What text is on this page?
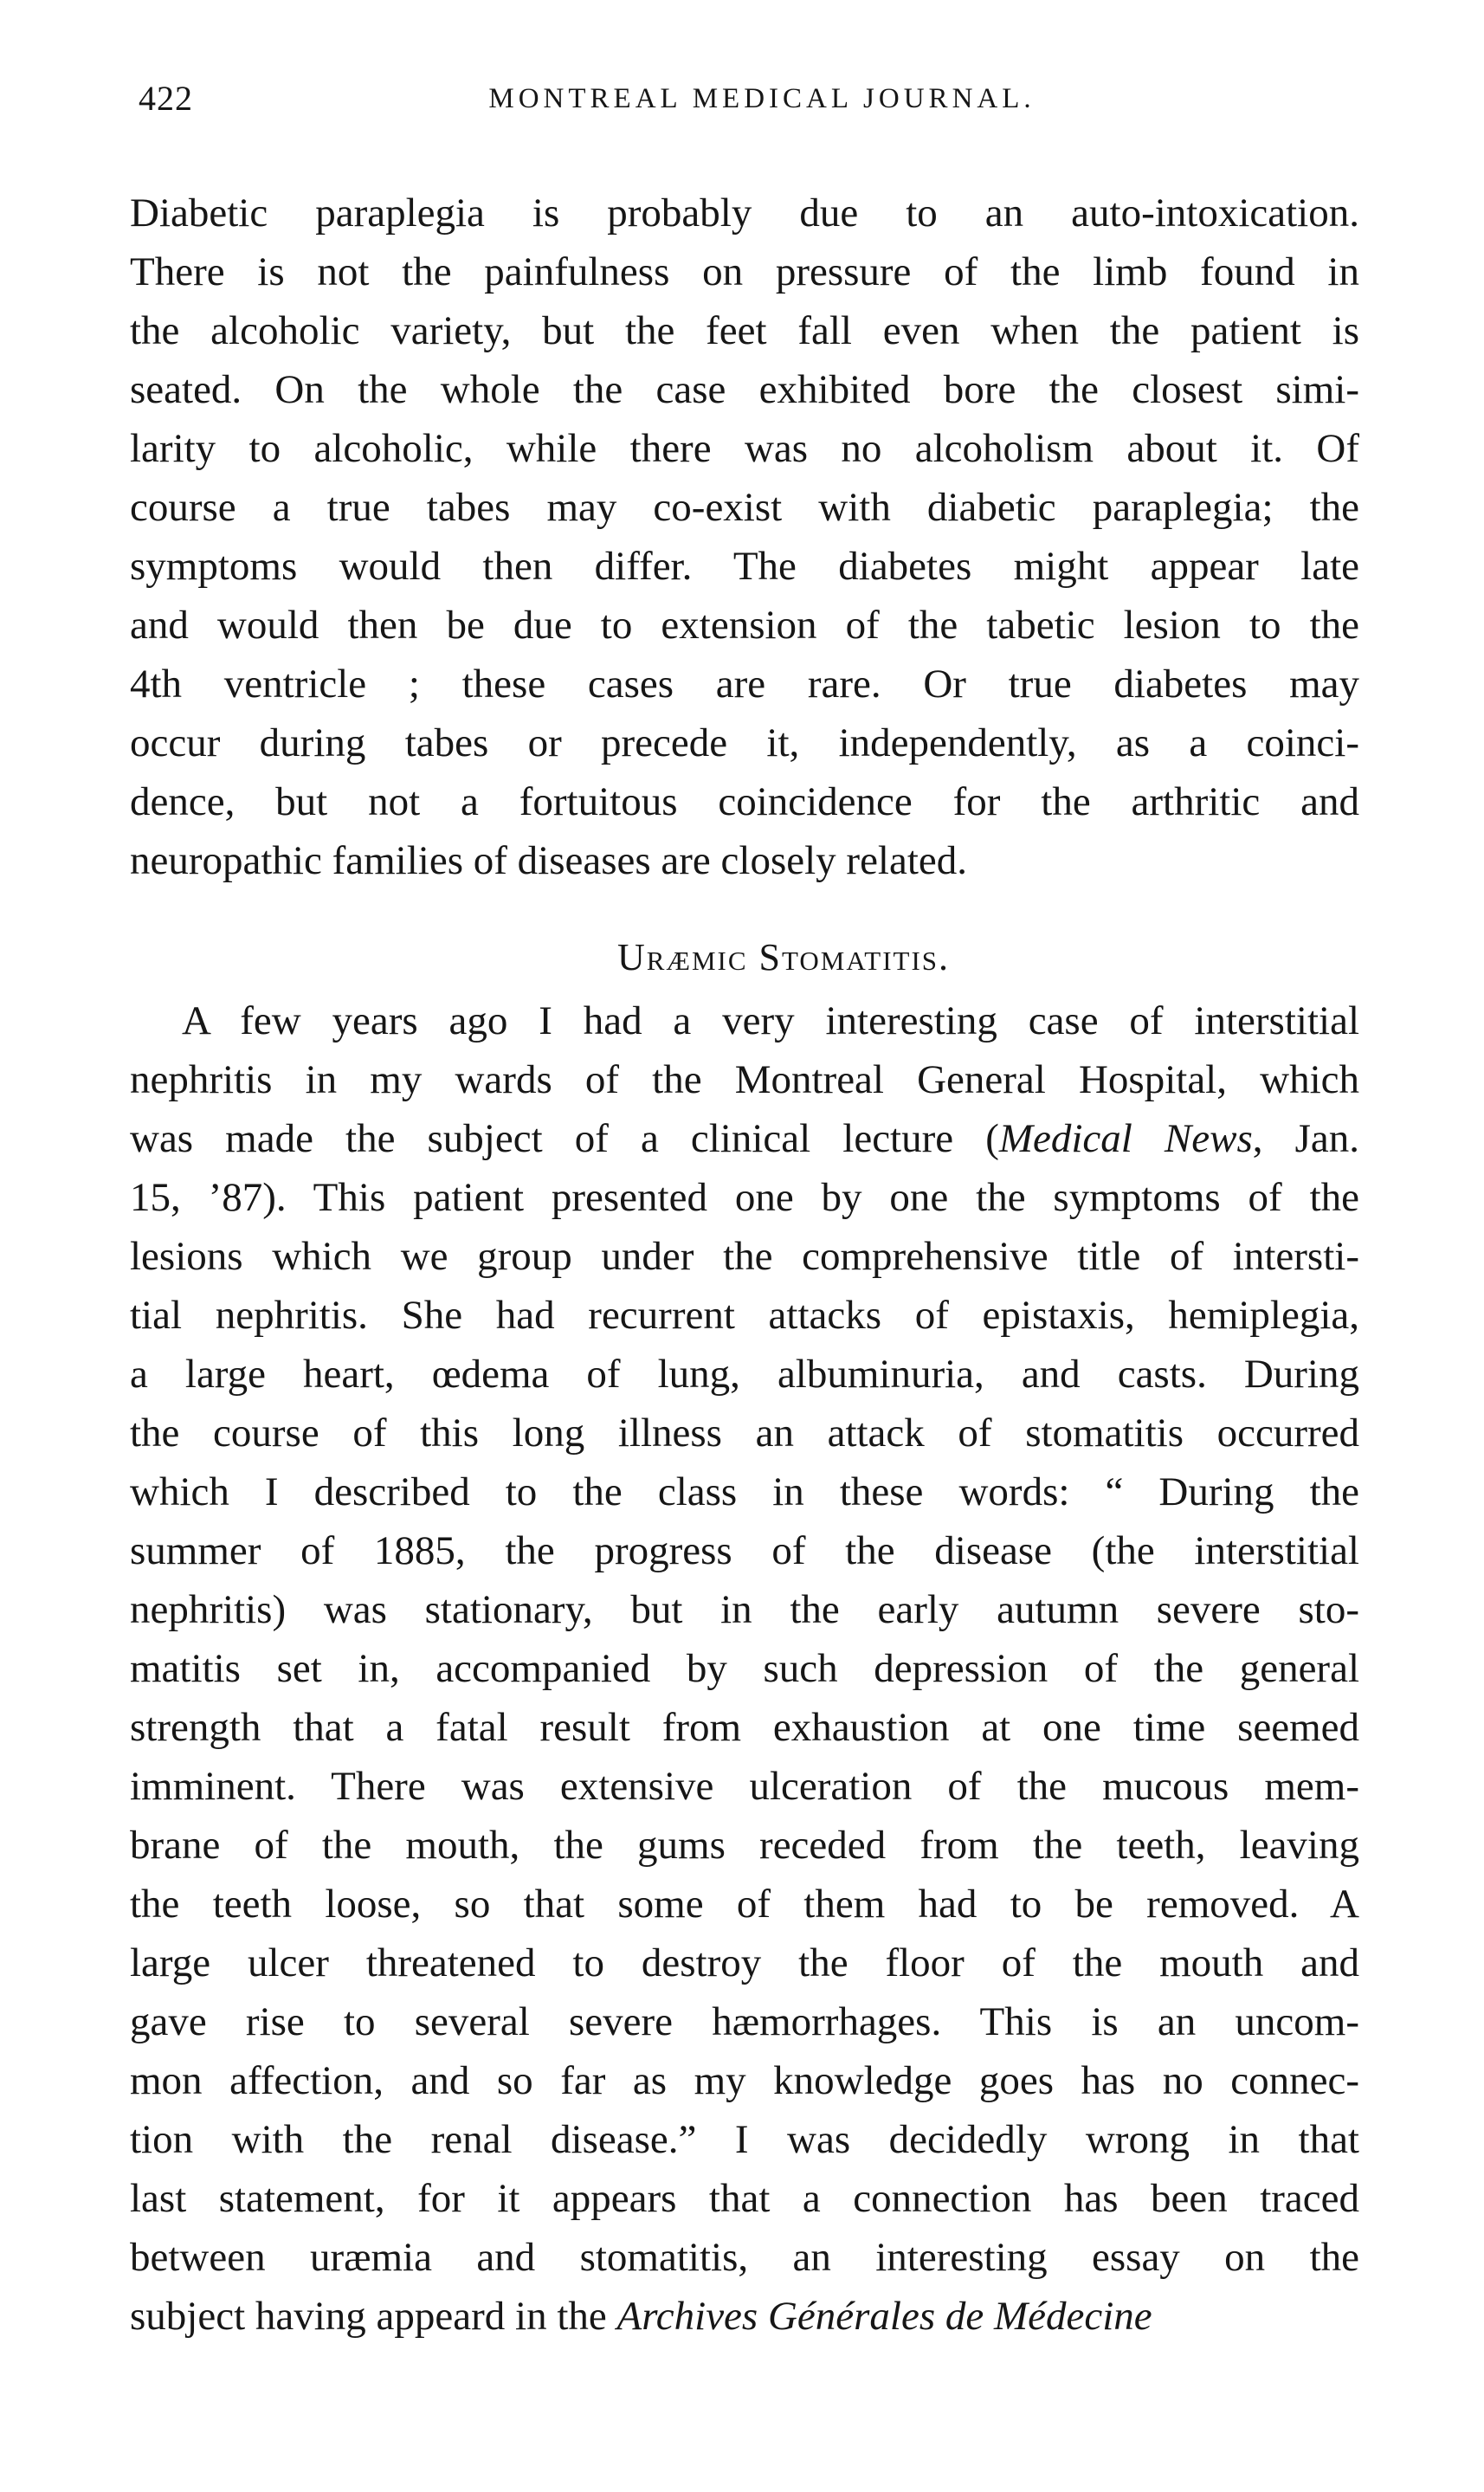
422	MONTREAL MEDICAL JOURNAL.
Diabetic paraplegia is probably due to an auto-intoxication.
There is not the painfulness on pressure of the limb found in
the alcoholic variety, but the feet fall even when the patient is
seated. On the whole the case exhibited bore the closest simi-
larity to alcoholic, while there was no alcoholism about it. Of
course a true tabes may co-exist with diabetic paraplegia; the
symptoms would then differ. The diabetes might appear late
and would then be due to extension of the tabetic lesion to the
4th ventricle ; these cases are rare. Or true diabetes may
occur during tabes or precede it, independently, as a coinci-
dence, but not a fortuitous coincidence for the arthritic and
neuropathic families of diseases are closely related.
Uræmic Stomatitis.
A few years ago I had a very interesting case of interstitial
nephritis in my wards of the Montreal General Hospital, which
was made the subject of a clinical lecture (Medical News, Jan.
15, ’87). This patient presented one by one the symptoms of the
lesions which we group under the comprehensive title of intersti-
tial nephritis. She had recurrent attacks of epistaxis, hemiplegia,
a large heart, œdema of lung, albuminuria, and casts. During
the course of this long illness an attack of stomatitis occurred
which I described to the class in these words: “ During the
summer of 1885, the progress of the disease (the interstitial
nephritis) was stationary, but in the early autumn severe sto-
matitis set in, accompanied by such depression of the general
strength that a fatal result from exhaustion at one time seemed
imminent. There was extensive ulceration of the mucous mem-
brane of the mouth, the gums receded from the teeth, leaving
the teeth loose, so that some of them had to be removed. A
large ulcer threatened to destroy the floor of the mouth and
gave rise to several severe hæmorrhages. This is an uncom-
mon affection, and so far as my knowledge goes has no connec-
tion with the renal disease.” I was decidedly wrong in that
last statement, for it appears that a connection has been traced
between uræmia and stomatitis, an interesting essay on the
subject having appeard in the Archives Générales de Médecine
